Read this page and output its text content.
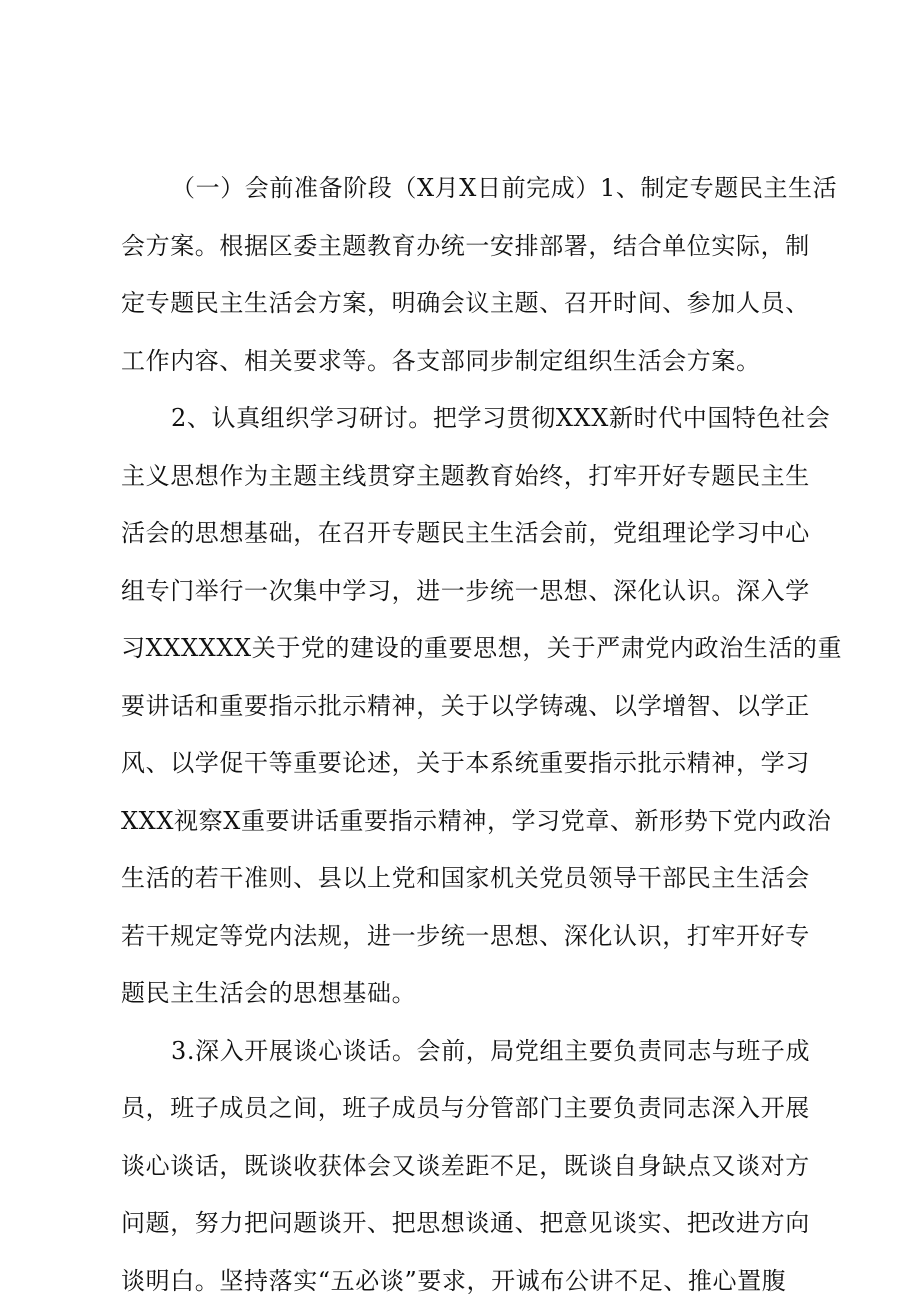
（一）会前准备阶段（X月X日前完成）1、制定专题民主生活
会方案。根据区委主题教育办统一安排部署，结合单位实际，制
定专题民主生活会方案，明确会议主题、召开时间、参加人员、
工作内容、相关要求等。各支部同步制定组织生活会方案。
2、认真组织学习研讨。把学习贯彻XXX新时代中国特色社会
主义思想作为主题主线贯穿主题教育始终，打牢开好专题民主生
活会的思想基础，在召开专题民主生活会前，党组理论学习中心
组专门举行一次集中学习，进一步统一思想、深化认识。深入学
习XXXXXX关于党的建设的重要思想，关于严肃党内政治生活的重
要讲话和重要指示批示精神，关于以学铸魂、以学增智、以学正
风、以学促干等重要论述，关于本系统重要指示批示精神，学习
XXX视察X重要讲话重要指示精神，学习党章、新形势下党内政治
生活的若干准则、县以上党和国家机关党员领导干部民主生活会
若干规定等党内法规，进一步统一思想、深化认识，打牢开好专
题民主生活会的思想基础。
3.深入开展谈心谈话。会前，局党组主要负责同志与班子成
员，班子成员之间，班子成员与分管部门主要负责同志深入开展
谈心谈话，既谈收获体会又谈差距不足，既谈自身缺点又谈对方
问题，努力把问题谈开、把思想谈通、把意见谈实、把改进方向
谈明白。坚持落实“五必谈”要求，开诚布公讲不足、推心置腹
